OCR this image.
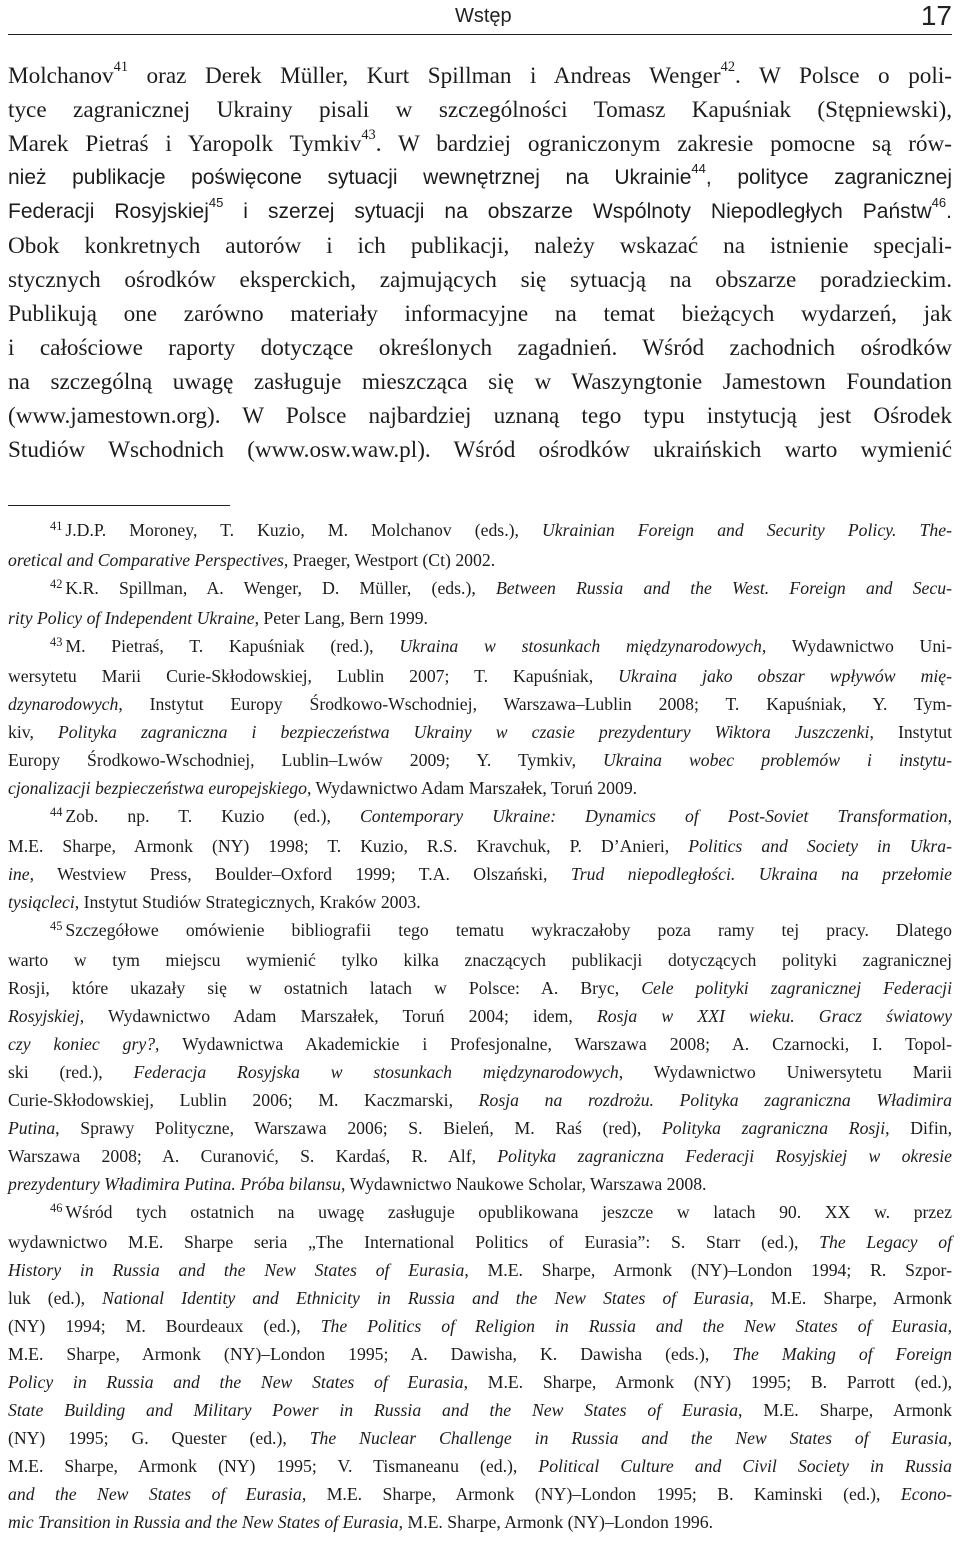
Wstęp	17
Molchanov$^{41}$ oraz Derek Müller, Kurt Spillman i Andreas Wenger$^{42}$. W Polsce o poli-
tyce zagranicznej Ukrainy pisali w szczególności Tomasz Kapuśniak (Stępniewski),
Marek Pietraś i Yaropolk Tymkiv$^{43}$. W bardziej ograniczonym zakresie pomocne są rów-
nież publikacje poświęcone sytuacji wewnętrznej na Ukrainie$^{44}$, polityce zagranicznej
Federacji Rosyjskiej$^{45}$ i szerzej sytuacji na obszarze Wspólnoty Niepodległych Państw$^{46}$.
Obok konkretnych autorów i ich publikacji, należy wskazać na istnienie specjali-
stycznych ośrodków eksperckich, zajmujących się sytuacją na obszarze poradzieckim.
Publikują one zarówno materiały informacyjne na temat bieżących wydarzeń, jak
i całościowe raporty dotyczące określonych zagadnień. Wśród zachodnich ośrodków
na szczególną uwagę zasługuje mieszcząca się w Waszyngtonie Jamestown Foundation
(www.jamestown.org). W Polsce najbardziej uznaną tego typu instytucją jest Ośrodek
Studiów Wschodnich (www.osw.waw.pl). Wśród ośrodków ukraińskich warto wymienić
$^{41}$ J.D.P. Moroney, T. Kuzio, M. Molchanov (eds.), Ukrainian Foreign and Security Policy. The-
oretical and Comparative Perspectives, Praeger, Westport (Ct) 2002.
$^{42}$ K.R. Spillman, A. Wenger, D. Müller, (eds.), Between Russia and the West. Foreign and Secu-
rity Policy of Independent Ukraine, Peter Lang, Bern 1999.
$^{43}$ M. Pietraś, T. Kapuśniak (red.), Ukraina w stosunkach międzynarodowych, Wydawnictwo Uni-
wersytetu Marii Curie-Skłodowskiej, Lublin 2007; T. Kapuśniak, Ukraina jako obszar wpływów mię-
dzynarodowych, Instytut Europy Środkowo-Wschodniej, Warszawa–Lublin 2008; T. Kapuśniak, Y. Tym-
kiv, Polityka zagraniczna i bezpieczeństwa Ukrainy w czasie prezydentury Wiktora Juszczenki, Instytut
Europy Środkowo-Wschodniej, Lublin–Lwów 2009; Y. Tymkiv, Ukraina wobec problemów i instytu-
cjonalizacji bezpieczeństwa europejskiego, Wydawnictwo Adam Marszałek, Toruń 2009.
$^{44}$ Zob. np. T. Kuzio (ed.), Contemporary Ukraine: Dynamics of Post-Soviet Transformation,
M.E. Sharpe, Armonk (NY) 1998; T. Kuzio, R.S. Kravchuk, P. D’Anieri, Politics and Society in Ukra-
ine, Westview Press, Boulder–Oxford 1999; T.A. Olszański, Trud niepodległości. Ukraina na przełomie
tysiącleci, Instytut Studiów Strategicznych, Kraków 2003.
$^{45}$ Szczegółowe omówienie bibliografii tego tematu wykraczałoby poza ramy tej pracy. Dlatego
warto w tym miejscu wymienić tylko kilka znaczących publikacji dotyczących polityki zagranicznej
Rosji, które ukazały się w ostatnich latach w Polsce: A. Bryc, Cele polityki zagranicznej Federacji
Rosyjskiej, Wydawnictwo Adam Marszałek, Toruń 2004; idem, Rosja w XXI wieku. Gracz światowy
czy koniec gry?, Wydawnictwa Akademickie i Profesjonalne, Warszawa 2008; A. Czarnocki, I. Topol-
ski (red.), Federacja Rosyjska w stosunkach międzynarodowych, Wydawnictwo Uniwersytetu Marii
Curie-Skłodowskiej, Lublin 2006; M. Kaczmarski, Rosja na rozdrożu. Polityka zagraniczna Władimira
Putina, Sprawy Polityczne, Warszawa 2006; S. Bieleń, M. Raś (red), Polityka zagraniczna Rosji, Difin,
Warszawa 2008; A. Curanović, S. Kardaś, R. Alf, Polityka zagraniczna Federacji Rosyjskiej w okresie
prezydentury Władimira Putina. Próba bilansu, Wydawnictwo Naukowe Scholar, Warszawa 2008.
$^{46}$ Wśród tych ostatnich na uwagę zasługuje opublikowana jeszcze w latach 90. XX w. przez
wydawnictwo M.E. Sharpe seria „The International Politics of Eurasia”: S. Starr (ed.), The Legacy of
History in Russia and the New States of Eurasia, M.E. Sharpe, Armonk (NY)–London 1994; R. Szpor-
luk (ed.), National Identity and Ethnicity in Russia and the New States of Eurasia, M.E. Sharpe, Armonk
(NY) 1994; M. Bourdeaux (ed.), The Politics of Religion in Russia and the New States of Eurasia,
M.E. Sharpe, Armonk (NY)–London 1995; A. Dawisha, K. Dawisha (eds.), The Making of Foreign
Policy in Russia and the New States of Eurasia, M.E. Sharpe, Armonk (NY) 1995; B. Parrott (ed.),
State Building and Military Power in Russia and the New States of Eurasia, M.E. Sharpe, Armonk
(NY) 1995; G. Quester (ed.), The Nuclear Challenge in Russia and the New States of Eurasia,
M.E. Sharpe, Armonk (NY) 1995; V. Tismaneanu (ed.), Political Culture and Civil Society in Russia
and the New States of Eurasia, M.E. Sharpe, Armonk (NY)–London 1995; B. Kaminski (ed.), Econo-
mic Transition in Russia and the New States of Eurasia, M.E. Sharpe, Armonk (NY)–London 1996.
